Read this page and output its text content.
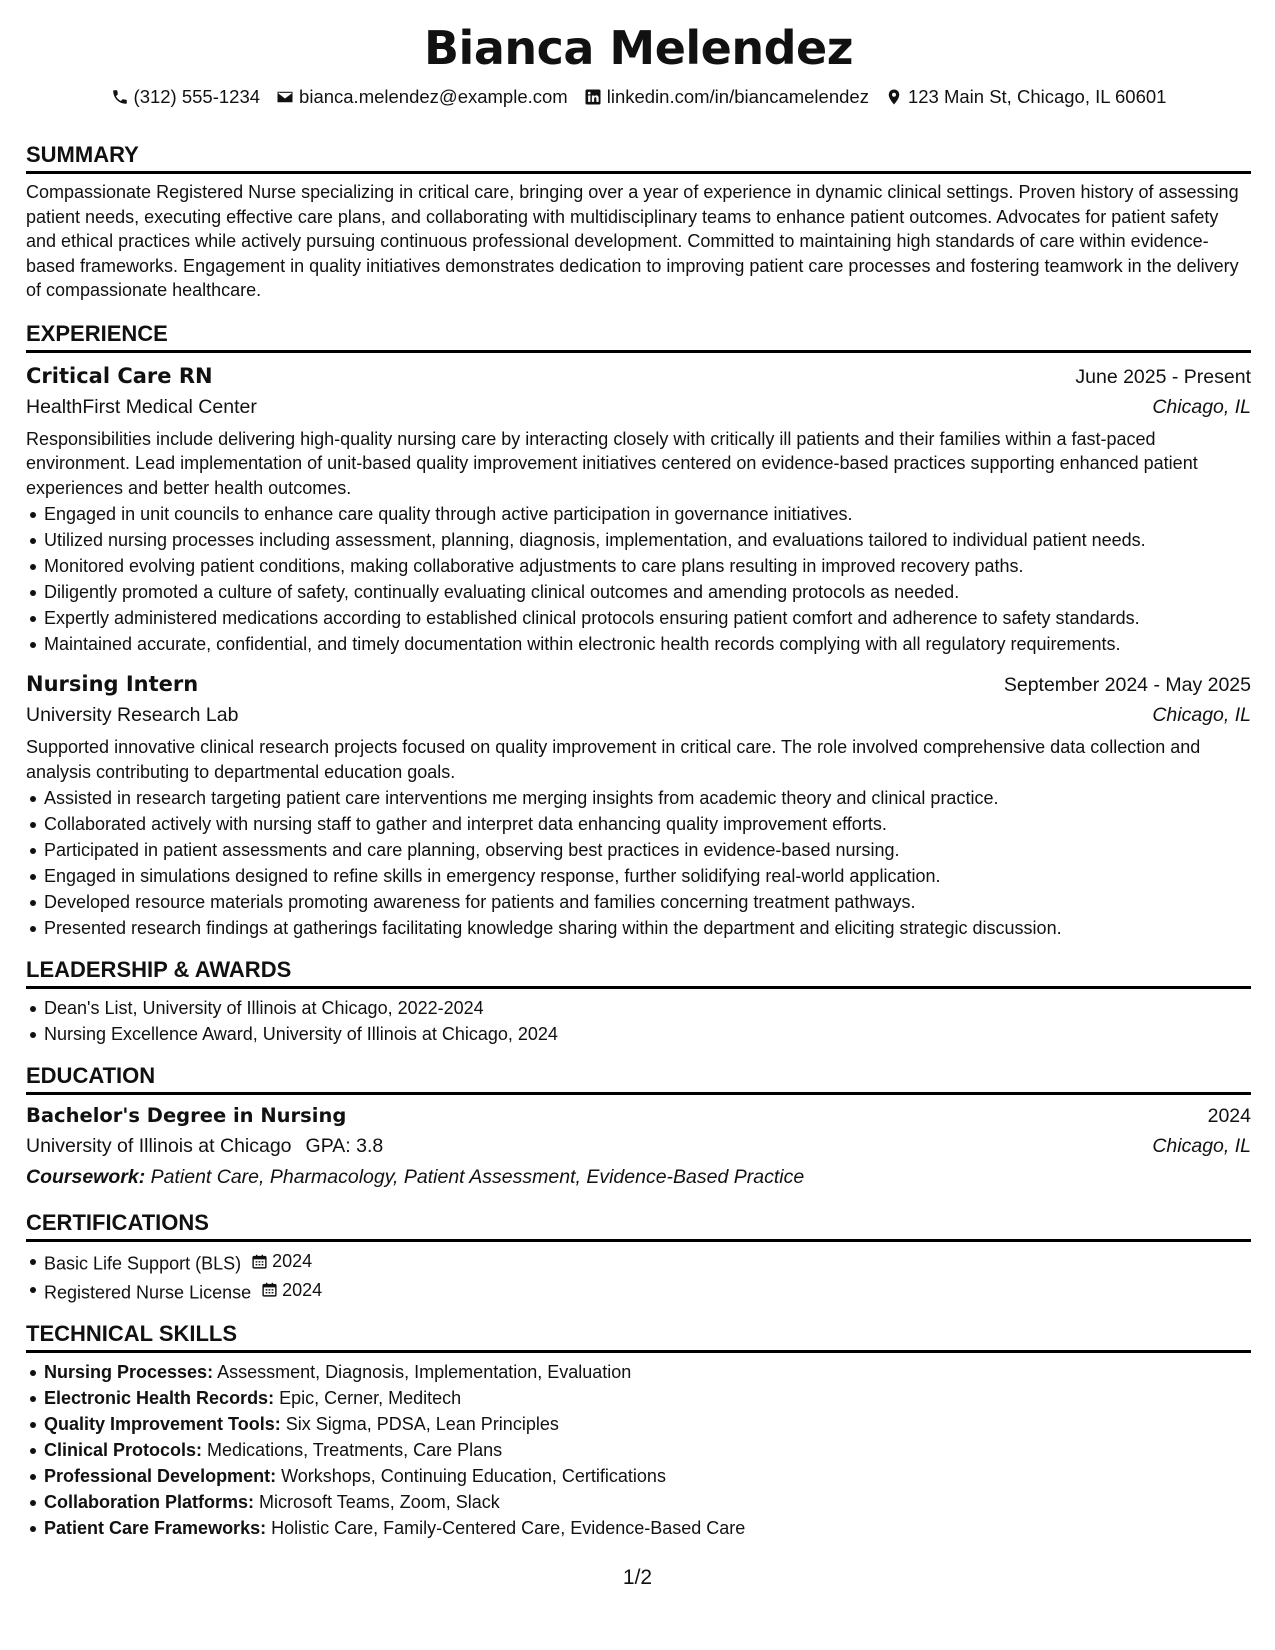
Bianca Melendez
(312) 555-1234 bianca.melendez@example.com linkedin.com/in/biancamelendez 123 Main St, Chicago, IL 60601
SUMMARY

Compassionate Registered Nurse specializing in critical care, bringing over a year of experience in dynamic clinical settings. Proven history of assessing patient needs, executing effective care plans, and collaborating with multidisciplinary teams to enhance patient outcomes. Advocates for patient safety and ethical practices while actively pursuing continuous professional development. Committed to maintaining high standards of care within evidence-based frameworks. Engagement in quality initiatives demonstrates dedication to improving patient care processes and fostering teamwork in the delivery of compassionate healthcare.

EXPERIENCE
Critical Care RN	June 2025 - Present
HealthFirst Medical Center	Chicago, IL

Responsibilities include delivering high-quality nursing care by interacting closely with critically ill patients and their families within a fast-paced environment. Lead implementation of unit-based quality improvement initiatives centered on evidence-based practices supporting enhanced patient experiences and better health outcomes.

Engaged in unit councils to enhance care quality through active participation in governance initiatives.
Utilized nursing processes including assessment, planning, diagnosis, implementation, and evaluations tailored to individual patient needs.
Monitored evolving patient conditions, making collaborative adjustments to care plans resulting in improved recovery paths.
Diligently promoted a culture of safety, continually evaluating clinical outcomes and amending protocols as needed.
Expertly administered medications according to established clinical protocols ensuring patient comfort and adherence to safety standards.
Maintained accurate, confidential, and timely documentation within electronic health records complying with all regulatory requirements.
Nursing Intern	September 2024 - May 2025
University Research Lab	Chicago, IL

Supported innovative clinical research projects focused on quality improvement in critical care. The role involved comprehensive data collection and analysis contributing to departmental education goals.

Assisted in research targeting patient care interventions me merging insights from academic theory and clinical practice.
Collaborated actively with nursing staff to gather and interpret data enhancing quality improvement efforts.
Participated in patient assessments and care planning, observing best practices in evidence-based nursing.
Engaged in simulations designed to refine skills in emergency response, further solidifying real-world application.
Developed resource materials promoting awareness for patients and families concerning treatment pathways.
Presented research findings at gatherings facilitating knowledge sharing within the department and eliciting strategic discussion.
LEADERSHIP & AWARDS
Dean's List, University of Illinois at Chicago, 2022-2024
Nursing Excellence Award, University of Illinois at Chicago, 2024
EDUCATION
Bachelor's Degree in Nursing	2024
University of Illinois at Chicago GPA: 3.8	Chicago, IL
Coursework: Patient Care, Pharmacology, Patient Assessment, Evidence-Based Practice
CERTIFICATIONS
Basic Life Support (BLS) 2024
Registered Nurse License 2024
TECHNICAL SKILLS
Nursing Processes: Assessment, Diagnosis, Implementation, Evaluation
Electronic Health Records: Epic, Cerner, Meditech
Quality Improvement Tools: Six Sigma, PDSA, Lean Principles
Clinical Protocols: Medications, Treatments, Care Plans
Professional Development: Workshops, Continuing Education, Certifications
Collaboration Platforms: Microsoft Teams, Zoom, Slack
Patient Care Frameworks: Holistic Care, Family-Centered Care, Evidence-Based Care
1/2
